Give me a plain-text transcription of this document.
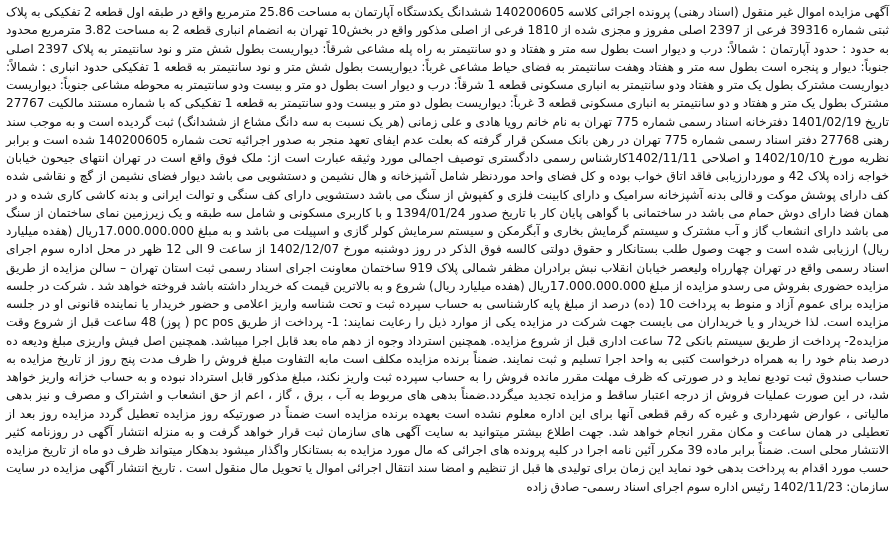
آگهی مزایده اموال غیر منقول (اسناد رهنی) پرونده اجرائی کلاسه 140200605 ششدانگ یکدستگاه آپارتمان به مساحت 25.86 مترمربع واقع در طبقه اول قطعه 2 تفکیکی به پلاک ثبتی شماره 39316 فرعی از 2397 اصلی مفروز و مجزی شده از 1810 فرعی از اصلی مذکور واقع در بخش10 تهران به انضمام انباری قطعه 2 به مساحت 3.82 مترمربع محدود به حدود : حدود آپارتمان : شمالاً: درب و دیوار است بطول سه متر و هفتاد و دو سانتیمتر به راه پله مشاعی شرقاً: دیواریست بطول شش متر و نود سانتیمتر به پلاک 2397 اصلی جنوباً: دیوار و پنجره است بطول سه متر و هفتاد وهفت سانتیمتر به فضای حیاط مشاعی غرباً: دیواریست بطول شش متر و نود سانتیمتر به قطعه 1 تفکیکی حدود انباری : شمالاً: دیواریست مشترک بطول یک متر و هفتاد ودو سانتیمتر به انباری مسکونی قطعه 1 شرقاً: درب و دیوار است بطول دو متر و بیست ودو سانتیمتر به محوطه مشاعی جنوباً: دیواریست مشترک بطول یک متر و هفتاد و دو سانتیمتر به انباری مسکونی قطعه 3 غرباً: دیواریست بطول دو متر و بیست ودو سانتیمتر به قطعه 1 تفکیکی که با شماره مستند مالکیت 27767 تاریخ 1401/02/19 دفترخانه اسناد رسمی شماره 775 تهران به نام خانم رویا هادی و علی زمانی (هر یک نسبت به سه دانگ مشاع از ششدانگ) ثبت گردیده است و به موجب سند رهنی 27768 دفتر اسناد رسمی شماره 775 تهران در رهن بانک مسکن قرار گرفته که بعلت عدم ایفای تعهد منجر به صدور اجرائیه تحت شماره 140200605 شده است و برابر نظریه مورخ 1402/10/10 و اصلاحی 1402/11/11کارشناس رسمی دادگستری توصیف اجمالی مورد وثیقه عبارت است از: ملک فوق واقع است در تهران انتهای جیحون خیابان خواجه زاده پلاک 42 و موردارزیابی فاقد اتاق خواب بوده و کل فضای واحد موردنظر شامل آشپزخانه و هال نشیمن و دستشویی می باشد دیوار فضای نشیمن از گچ و نقاشی شده کف دارای پوشش موکت و قالی بدنه آشپزخانه سرامیک و دارای کابینت فلزی و کفپوش از سنگ می باشد دستشویی دارای کف سنگی و توالت ایرانی و بدنه کاشی کاری شده و در همان فضا دارای دوش حمام می باشد در ساختمانی با گواهی پایان کار با تاریخ صدور 1394/01/24 و با کاربری مسکونی و شامل سه طبقه و یک زیرزمین نمای ساختمان از سنگ می باشد دارای انشعاب گاز و آب مشترک و سیستم گرمایش بخاری و آبگرمکن و سیستم سرمایش کولر گازی و اسپیلت می باشد و به مبلغ 17.000.000.000ریال (هفده میلیارد ریال) ارزیابی شده است و جهت وصول طلب بستانکار و حقوق دولتی کالسه فوق الذکر در روز دوشنبه مورخ 1402/12/07 از ساعت 9 الی 12 ظهر در محل اداره سوم اجرای اسناد رسمی واقع در تهران چهارراه ولیعصر خیابان انقلاب نبش برادران مظفر شمالی پلاک 919 ساختمان معاونت اجرای اسناد رسمی ثبت استان تهران – سالن مزایده از طریق مزایده حضوری بفروش می رسدو مزایده از مبلغ 17.000.000.000ریال (هفده میلیارد ریال) شروع و به بالاترین قیمت که خریدار داشته باشد فروخته خواهد شد . شرکت در جلسه مزایده برای عموم آزاد و منوط به پرداخت 10 (ده) درصد از مبلغ پایه کارشناسی به حساب سپرده ثبت و تحت شناسه واریز اعلامی و حضور خریدار یا نماینده قانونی او در جلسه مزایده است. لذا خریدار و یا خریداران می بایست جهت شرکت در مزایده یکی از موارد ذیل را رعایت نمایند: 1- پرداخت از طریق pc pos ( پوز) 48 ساعت قبل از شروع وقت مزایده2- پرداخت از طریق سیستم بانکی 72 ساعت اداری قبل از شروع مزایده. همچنین استرداد وجوه از دهم ماه بعد قابل اجرا میباشد. همچنین اصل فیش واریزی مبلغ ودیعه ده درصد بنام خود را به همراه درخواست کتبی به واحد اجرا تسلیم و ثبت نمایند. ضمناً برنده مزایده مکلف است مابه التفاوت مبلغ فروش را ظرف مدت پنج روز از تاریخ مزایده به حساب صندوق ثبت تودیع نماید و در صورتی که ظرف مهلت مقرر مانده فروش را به حساب سپرده ثبت واریز نکند، مبلغ مذکور قابل استرداد نبوده و به حساب خزانه واریز خواهد شد، در این صورت عملیات فروش از درجه اعتبار ساقط و مزایده تجدید میگردد.ضمناً بدهی های مربوط به آب ، برق ، گاز ، اعم از حق انشعاب و اشتراک و مصرف و نیز بدهی مالیاتی ، عوارض شهرداری و غیره که رقم قطعی آنها برای این اداره معلوم نشده است بعهده برنده مزایده است ضمناً در صورتیکه روز مزایده تعطیل گردد مزایده روز بعد از تعطیلی در همان ساعت و مکان مقرر انجام خواهد شد. جهت اطلاع بیشتر میتوانید به سایت آگهی های سازمان ثبت قرار خواهد گرفت و به منزله انتشار آگهی در روزنامه کثیر الانتشار محلی است. ضمناً برابر ماده 39 مکرر آئین نامه اجرا در کلیه پرونده های اجرائی که مال مورد مزایده به بستانکار واگذار میشود بدهکار میتواند ظرف دو ماه از تاریخ مزایده حسب مورد اقدام به پرداخت بدهی خود نماید این زمان برای تولیدی ها قبل از تنظیم و امضا سند انتقال اجرائی اموال یا تحویل مال منقول است . تاریخ انتشار آگهی مزایده در سایت سازمان: 1402/11/23 رئیس اداره سوم اجرای اسناد رسمی- صادق زاده
